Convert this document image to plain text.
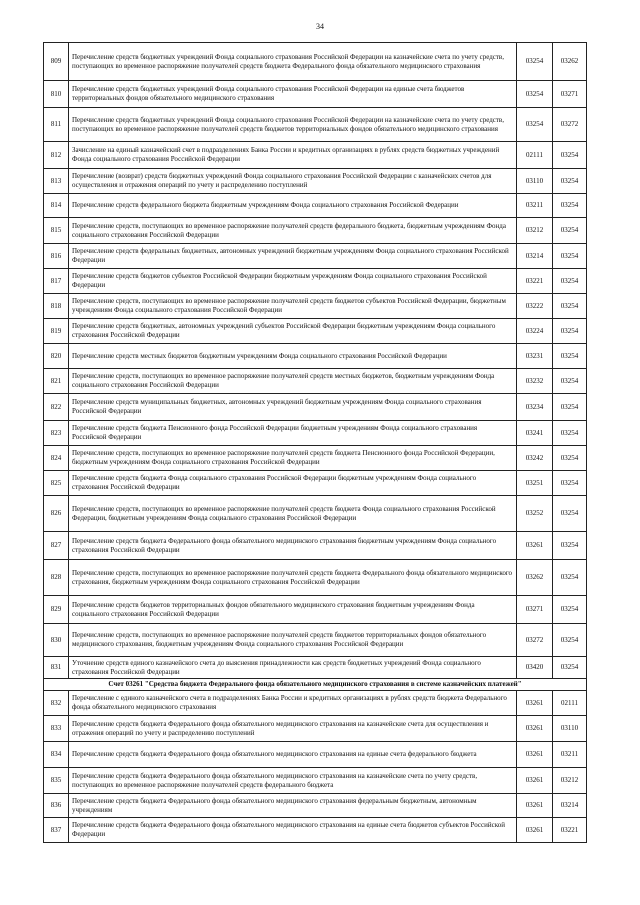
34
809	Перечисление средств бюджетных учреждений Фонда социального страхования Российской Федерации на казначейские счета по учету средств, поступающих во временное распоряжение получателей средств бюджета Федерального фонда обязательного медицинского страхования	03254	03262
810	Перечисление средств бюджетных учреждений Фонда социального страхования Российской Федерации на единые счета бюджетов территориальных фондов обязательного медицинского страхования	03254	03271
811	Перечисление средств бюджетных учреждений Фонда социального страхования Российской Федерации на казначейские счета по учету средств, поступающих во временное распоряжение получателей средств бюджетов территориальных фондов обязательного медицинского страхования	03254	03272
812	Зачисление на единый казначейский счет в подразделениях Банка России и кредитных организациях в рублях средств бюджетных учреждений Фонда социального страхования Российской Федерации	02111	03254
813	Перечисление (возврат) средств бюджетных учреждений Фонда социального страхования Российской Федерации с казначейских счетов для осуществления и отражения операций по учету и распределению поступлений	03110	03254
814	Перечисление средств федерального бюджета бюджетным учреждениям Фонда социального страхования Российской Федерации	03211	03254
815	Перечисление средств, поступающих во временное распоряжение получателей средств федерального бюджета, бюджетным учреждениям Фонда социального страхования Российской Федерации	03212	03254
816	Перечисление средств федеральных бюджетных, автономных учреждений бюджетным учреждениям Фонда социального страхования Российской Федерации	03214	03254
817	Перечисление средств бюджетов субъектов Российской Федерации бюджетным учреждениям Фонда социального страхования Российской Федерации	03221	03254
818	Перечисление средств, поступающих во временное распоряжение получателей средств бюджетов субъектов Российской Федерации, бюджетным учреждениям Фонда социального страхования Российской Федерации	03222	03254
819	Перечисление средств бюджетных, автономных учреждений субъектов Российской Федерации бюджетным учреждениям Фонда социального страхования Российской Федерации	03224	03254
820	Перечисление средств местных бюджетов бюджетным учреждениям Фонда социального страхования Российской Федерации	03231	03254
821	Перечисление средств, поступающих во временное распоряжение получателей средств местных бюджетов, бюджетным учреждениям Фонда социального страхования Российской Федерации	03232	03254
822	Перечисление средств муниципальных бюджетных, автономных учреждений бюджетным учреждениям Фонда социального страхования Российской Федерации	03234	03254
823	Перечисление средств бюджета Пенсионного фонда Российской Федерации бюджетным учреждениям Фонда социального страхования Российской Федерации	03241	03254
824	Перечисление средств, поступающих во временное распоряжение получателей средств бюджета Пенсионного фонда Российской Федерации, бюджетным учреждениям Фонда социального страхования Российской Федерации	03242	03254
825	Перечисление средств бюджета Фонда социального страхования Российской Федерации бюджетным учреждениям Фонда социального страхования Российской Федерации	03251	03254
826	Перечисление средств, поступающих во временное распоряжение получателей средств бюджета Фонда социального страхования Российской Федерации, бюджетным учреждениям Фонда социального страхования Российской Федерации	03252	03254
827	Перечисление средств бюджета Федерального фонда обязательного медицинского страхования бюджетным учреждениям Фонда социального страхования Российской Федерации	03261	03254
828	Перечисление средств, поступающих во временное распоряжение получателей средств бюджета Федерального фонда обязательного медицинского страхования, бюджетным учреждениям Фонда социального страхования Российской Федерации	03262	03254
829	Перечисление средств бюджетов территориальных фондов обязательного медицинского страхования бюджетным учреждениям Фонда социального страхования Российской Федерации	03271	03254
830	Перечисление средств, поступающих во временное распоряжение получателей средств бюджетов территориальных фондов обязательного медицинского страхования, бюджетным учреждениям Фонда социального страхования Российской Федерации	03272	03254
831	Уточнение средств единого казначейского счета до выяснения принадлежности как средств бюджетных учреждений Фонда социального страхования Российской Федерации	03420	03254
Счет 03261 "Средства бюджета Федерального фонда обязательного медицинского страхования в системе казначейских платежей"			
832	Перечисление с единого казначейского счета в подразделениях Банка России и кредитных организациях в рублях средств бюджета Федерального фонда обязательного медицинского страхования	03261	02111
833	Перечисление средств бюджета Федерального фонда обязательного медицинского страхования на казначейские счета для осуществления и отражения операций по учету и распределению поступлений	03261	03110
834	Перечисление средств бюджета Федерального фонда обязательного медицинского страхования на единые счета федерального бюджета	03261	03211
835	Перечисление средств бюджета Федерального фонда обязательного медицинского страхования на казначейские счета по учету средств, поступающих во временное распоряжение получателей средств федерального бюджета	03261	03212
836	Перечисление средств бюджета Федерального фонда обязательного медицинского страхования федеральным бюджетным, автономным учреждениям	03261	03214
837	Перечисление средств бюджета Федерального фонда обязательного медицинского страхования на единые счета бюджетов субъектов Российской Федерации	03261	03221
